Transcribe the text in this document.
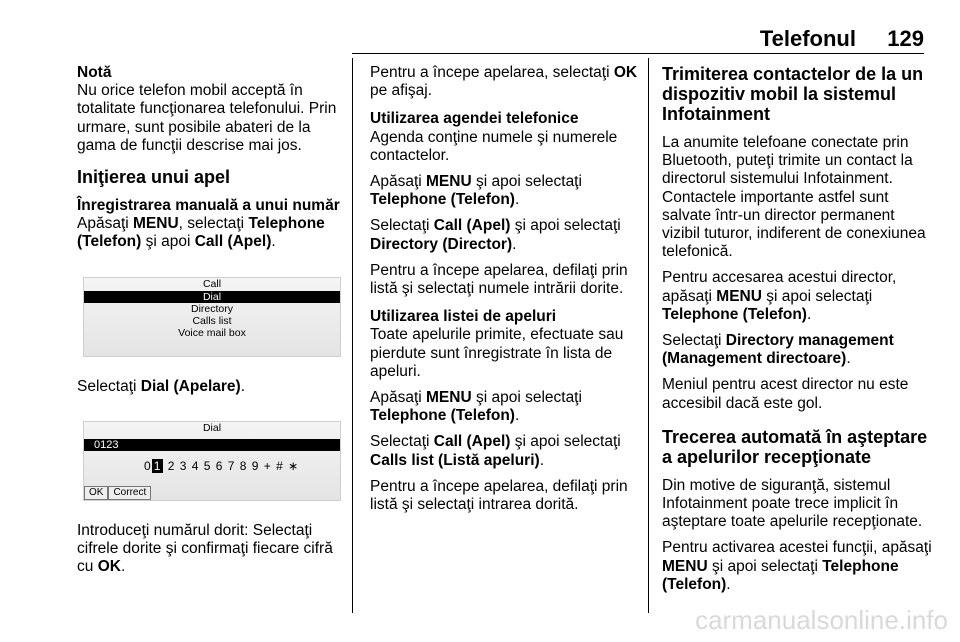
Telefonul 129

Notă
Nu orice telefon mobil acceptă în totalitate funcţionarea telefonului. Prin urmare, sunt posibile abateri de la gama de funcţii descrise mai jos.

Iniţierea unui apel
Înregistrarea manuală a unui număr

Apăsaţi MENU, selectaţi Telephone (Telefon) şi apoi Call (Apel).

Call
Dial
Directory
Calls list
Voice mail box

Selectaţi Dial (Apelare).

Dial
0123
0 1 2 3 4 5 6 7 8 9 + # ∗
OK	Correct

Introduceţi numărul dorit: Selectaţi cifrele dorite şi confirmaţi fiecare cifră cu OK.

Pentru a începe apelarea, selectaţi OK pe afişaj.

Utilizarea agendei telefonice

Agenda conţine numele şi numerele contactelor.

Apăsaţi MENU şi apoi selectaţi Telephone (Telefon).

Selectaţi Call (Apel) şi apoi selectaţi Directory (Director).

Pentru a începe apelarea, defilaţi prin listă şi selectaţi numele intrării dorite.

Utilizarea listei de apeluri

Toate apelurile primite, efectuate sau pierdute sunt înregistrate în lista de apeluri.

Apăsaţi MENU şi apoi selectaţi Telephone (Telefon).

Selectaţi Call (Apel) şi apoi selectaţi Calls list (Listă apeluri).

Pentru a începe apelarea, defilaţi prin listă şi selectaţi intrarea dorită.

Trimiterea contactelor de la un dispozitiv mobil la sistemul Infotainment

La anumite telefoane conectate prin Bluetooth, puteţi trimite un contact la directorul sistemului Infotainment. Contactele importante astfel sunt salvate într-un director permanent vizibil tuturor, indiferent de conexiunea telefonică.

Pentru accesarea acestui director, apăsaţi MENU şi apoi selectaţi Telephone (Telefon).

Selectaţi Directory management (Management directoare).

Meniul pentru acest director nu este accesibil dacă este gol.

Trecerea automată în aşteptare a apelurilor recepţionate

Din motive de siguranţă, sistemul Infotainment poate trece implicit în aşteptare toate apelurile recepţionate.

Pentru activarea acestei funcţii, apăsaţi MENU şi apoi selectaţi Telephone (Telefon).

carmanualsonline.info
